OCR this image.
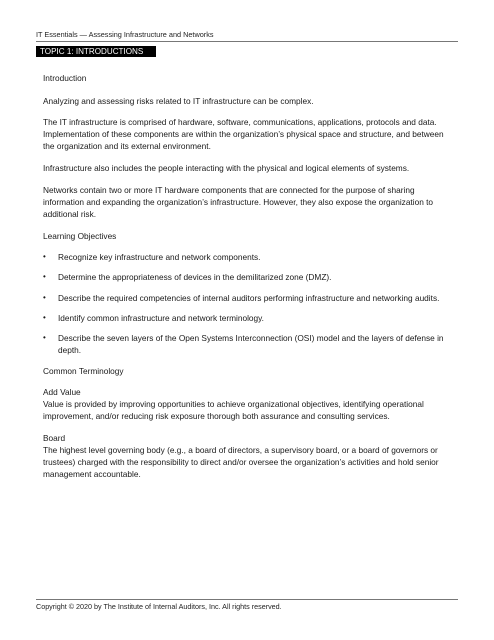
IT Essentials — Assessing Infrastructure and Networks
TOPIC 1: INTRODUCTIONS

Introduction

Analyzing and assessing risks related to IT infrastructure can be complex.

The IT infrastructure is comprised of hardware, software, communications, applications, protocols and data. Implementation of these components are within the organization’s physical space and structure, and between the organization and its external environment.

Infrastructure also includes the people interacting with the physical and logical elements of systems.

Networks contain two or more IT hardware components that are connected for the purpose of sharing information and expanding the organization’s infrastructure. However, they also expose the organization to additional risk.

Learning Objectives

• Recognize key infrastructure and network components.
• Determine the appropriateness of devices in the demilitarized zone (DMZ).
• Describe the required competencies of internal auditors performing infrastructure and networking audits.
• Identify common infrastructure and network terminology.
• Describe the seven layers of the Open Systems Interconnection (OSI) model and the layers of defense in depth.

Common Terminology

Add Value

Value is provided by improving opportunities to achieve organizational objectives, identifying operational improvement, and/or reducing risk exposure thorough both assurance and consulting services.

Board

The highest level governing body (e.g., a board of directors, a supervisory board, or a board of governors or trustees) charged with the responsibility to direct and/or oversee the organization’s activities and hold senior management accountable.

Copyright © 2020 by The Institute of Internal Auditors, Inc. All rights reserved.
